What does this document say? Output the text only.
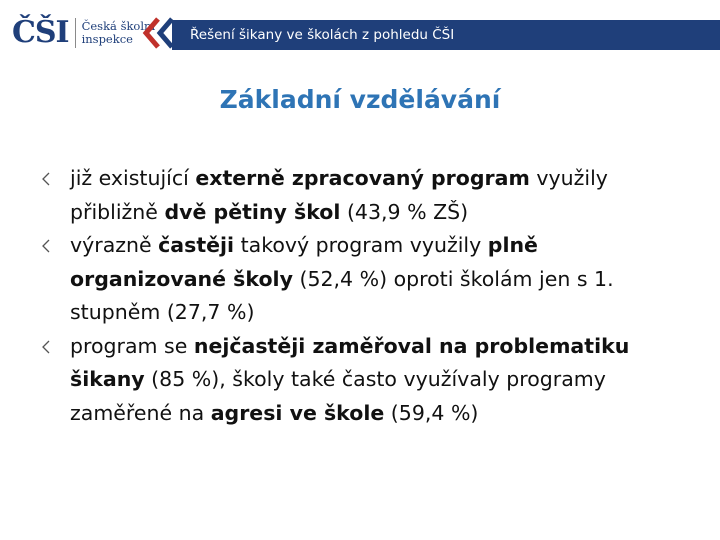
ČŠI Česká školní
inspekce	Řešení šikany ve školách z pohledu ČŠI
Základní vzdělávání
již existující externě zpracovaný program využily přibližně dvě pětiny škol (43,9 % ZŠ)
výrazně častěji takový program využily plně organizované školy (52,4 %) oproti školám jen s 1. stupněm (27,7 %)
program se nejčastěji zaměřoval na problematiku šikany (85 %), školy také často využívaly programy zaměřené na agresi ve škole (59,4 %)
